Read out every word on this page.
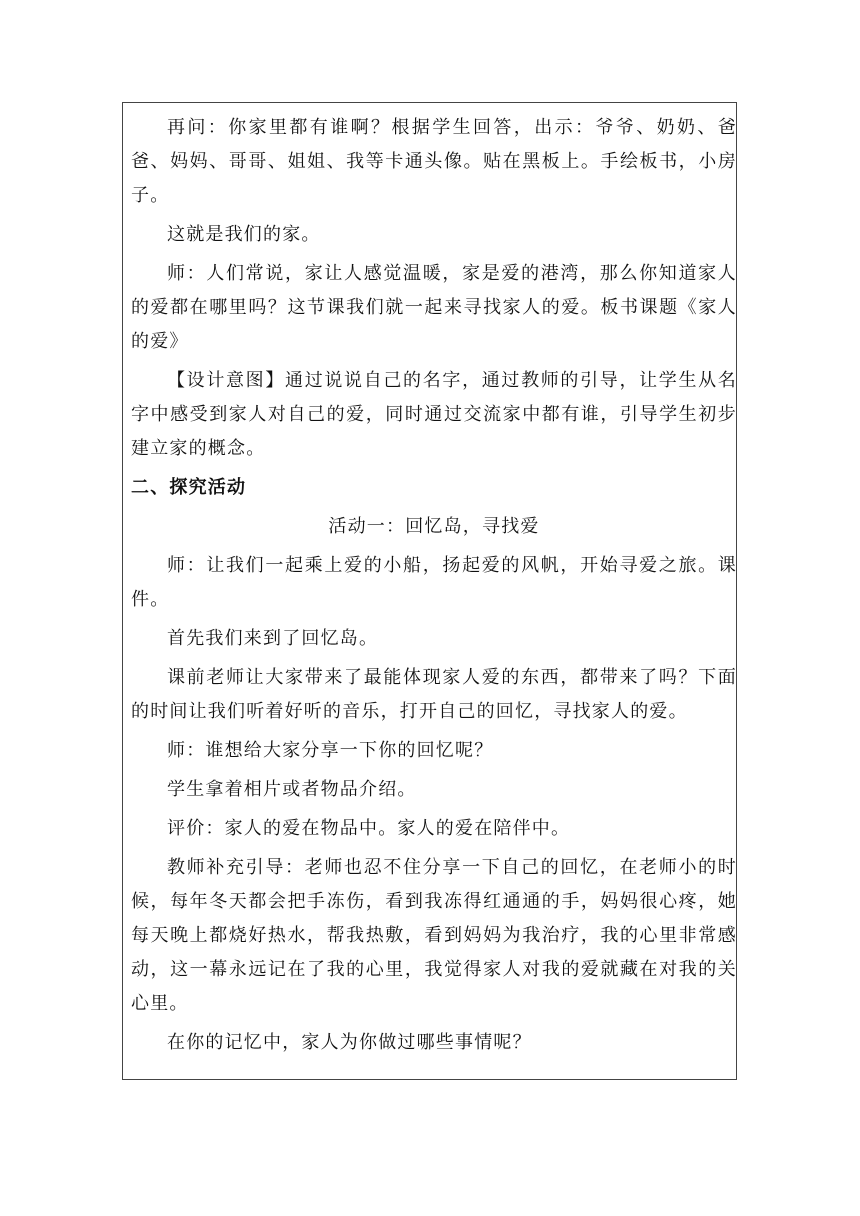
再问：你家里都有谁啊？根据学生回答，出示：爷爷、奶奶、爸爸、妈妈、哥哥、姐姐、我等卡通头像。贴在黑板上。手绘板书，小房子。

这就是我们的家。

师：人们常说，家让人感觉温暖，家是爱的港湾，那么你知道家人的爱都在哪里吗？这节课我们就一起来寻找家人的爱。板书课题《家人的爱》

【设计意图】通过说说自己的名字，通过教师的引导，让学生从名字中感受到家人对自己的爱，同时通过交流家中都有谁，引导学生初步建立家的概念。

二、探究活动

活动一：回忆岛，寻找爱

师：让我们一起乘上爱的小船，扬起爱的风帆，开始寻爱之旅。课件。

首先我们来到了回忆岛。

课前老师让大家带来了最能体现家人爱的东西，都带来了吗？下面的时间让我们听着好听的音乐，打开自己的回忆，寻找家人的爱。

师：谁想给大家分享一下你的回忆呢？

学生拿着相片或者物品介绍。

评价：家人的爱在物品中。家人的爱在陪伴中。

教师补充引导：老师也忍不住分享一下自己的回忆，在老师小的时候，每年冬天都会把手冻伤，看到我冻得红通通的手，妈妈很心疼，她每天晚上都烧好热水，帮我热敷，看到妈妈为我治疗，我的心里非常感动，这一幕永远记在了我的心里，我觉得家人对我的爱就藏在对我的关心里。

在你的记忆中，家人为你做过哪些事情呢？
